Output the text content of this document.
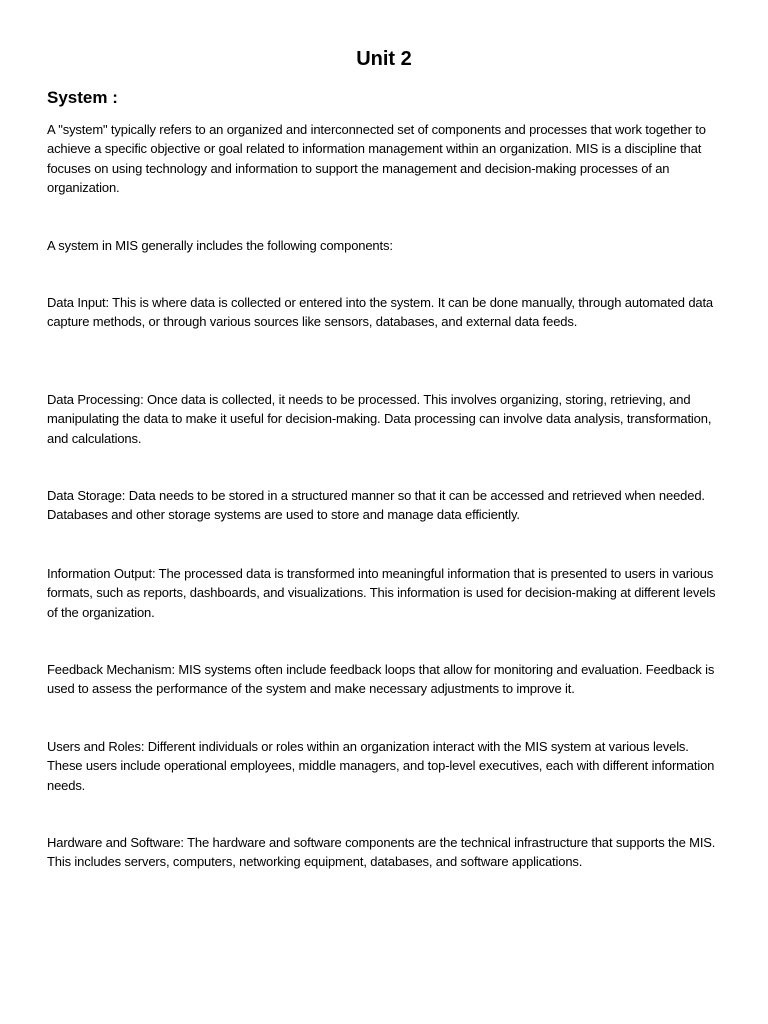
Unit 2
System :

A "system" typically refers to an organized and interconnected set of components and processes that work together to achieve a specific objective or goal related to information management within an organization. MIS is a discipline that focuses on using technology and information to support the management and decision-making processes of an organization.

A system in MIS generally includes the following components:

Data Input: This is where data is collected or entered into the system. It can be done manually, through automated data capture methods, or through various sources like sensors, databases, and external data feeds.

Data Processing: Once data is collected, it needs to be processed. This involves organizing, storing, retrieving, and manipulating the data to make it useful for decision-making. Data processing can involve data analysis, transformation, and calculations.

Data Storage: Data needs to be stored in a structured manner so that it can be accessed and retrieved when needed. Databases and other storage systems are used to store and manage data efficiently.

Information Output: The processed data is transformed into meaningful information that is presented to users in various formats, such as reports, dashboards, and visualizations. This information is used for decision-making at different levels of the organization.

Feedback Mechanism: MIS systems often include feedback loops that allow for monitoring and evaluation. Feedback is used to assess the performance of the system and make necessary adjustments to improve it.

Users and Roles: Different individuals or roles within an organization interact with the MIS system at various levels. These users include operational employees, middle managers, and top-level executives, each with different information needs.

Hardware and Software: The hardware and software components are the technical infrastructure that supports the MIS. This includes servers, computers, networking equipment, databases, and software applications.
